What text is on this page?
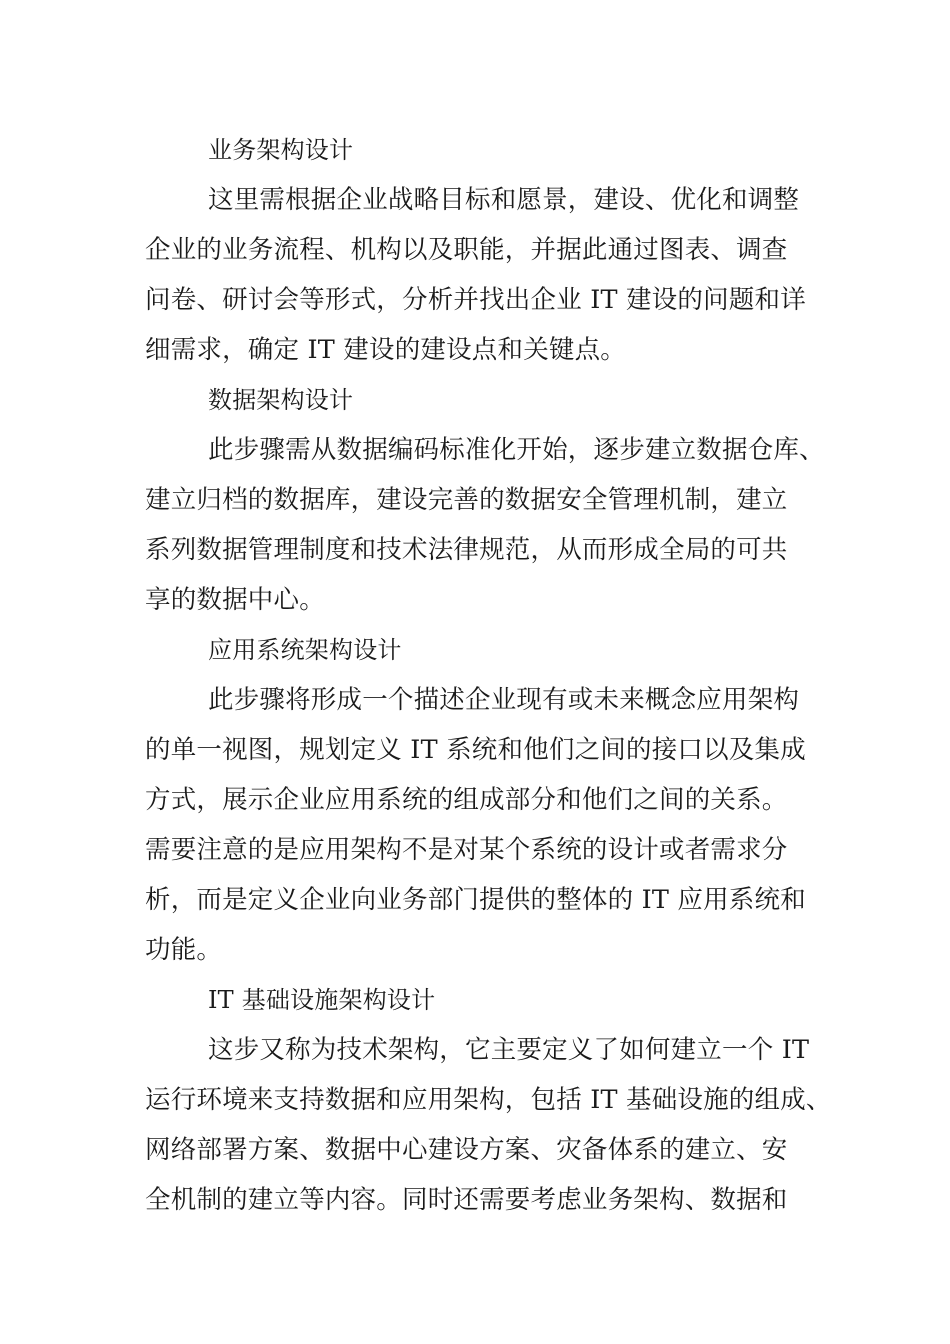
业务架构设计

这里需根据企业战略目标和愿景，建设、优化和调整

企业的业务流程、机构以及职能，并据此通过图表、调查

问卷、研讨会等形式，分析并找出企业 IT 建设的问题和详

细需求，确定 IT 建设的建设点和关键点。

数据架构设计

此步骤需从数据编码标准化开始，逐步建立数据仓库、

建立归档的数据库，建设完善的数据安全管理机制，建立

系列数据管理制度和技术法律规范，从而形成全局的可共

享的数据中心。

应用系统架构设计

此步骤将形成一个描述企业现有或未来概念应用架构

的单一视图，规划定义 IT 系统和他们之间的接口以及集成

方式，展示企业应用系统的组成部分和他们之间的关系。

需要注意的是应用架构不是对某个系统的设计或者需求分

析，而是定义企业向业务部门提供的整体的 IT 应用系统和

功能。

IT 基础设施架构设计

这步又称为技术架构，它主要定义了如何建立一个 IT

运行环境来支持数据和应用架构，包括 IT 基础设施的组成、

网络部署方案、数据中心建设方案、灾备体系的建立、安

全机制的建立等内容。同时还需要考虑业务架构、数据和
